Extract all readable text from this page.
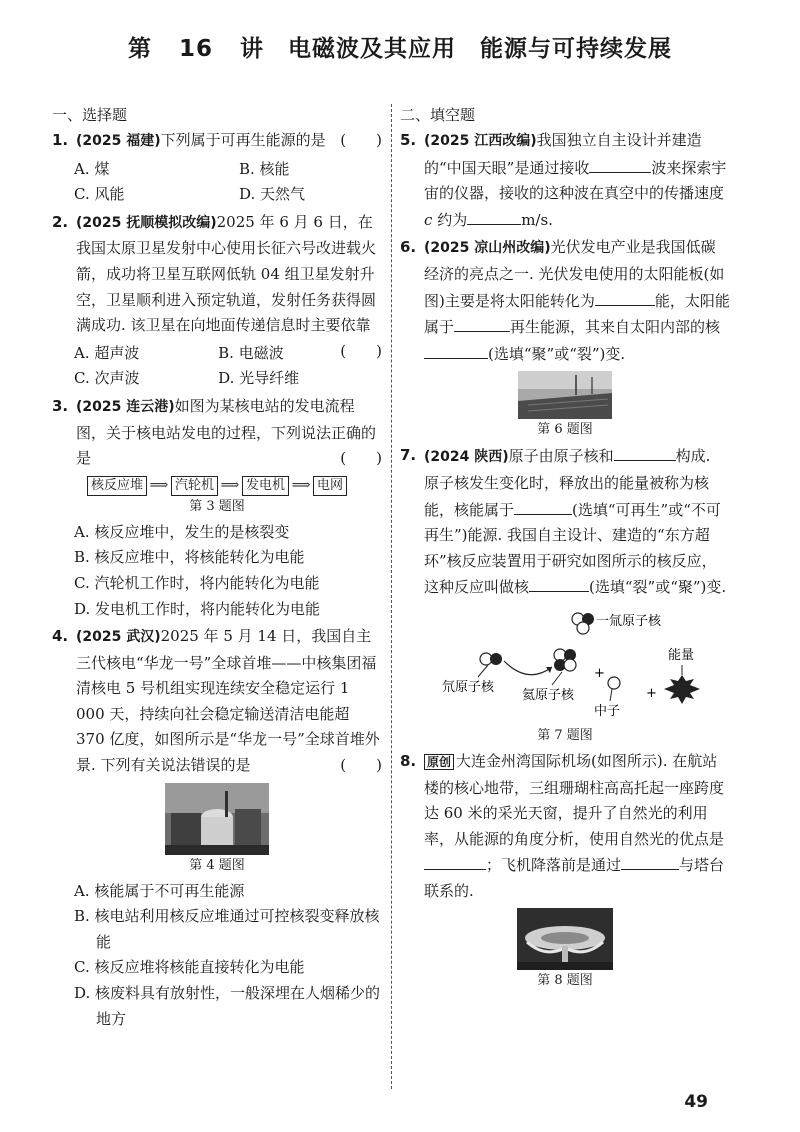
第 16 讲　电磁波及其应用　能源与可持续发展
一、选择题
1.	(　　)
(2025 福建)下列属于可再生能源的是
A. 煤	B. 核能
C. 风能	D. 天然气
2. (2025 抚顺模拟改编)2025 年 6 月 6 日，在我国太原卫星发射中心使用长征六号改进载火箭，成功将卫星互联网低轨 04 组卫星发射升空，卫星顺利进入预定轨道，发射任务获得圆满成功. 该卫星在向地面传递信息时主要依靠
(　　)
A. 超声波	B. 电磁波
C. 次声波	D. 光导纤维
3. (2025 连云港)如图为某核电站的发电流程图，关于核电站发电的过程，下列说法正确的是	(　　)
核反应堆 ⟹ 汽轮机 ⟹ 发电机 ⟹ 电网
第 3 题图
A. 核反应堆中，发生的是核裂变
B. 核反应堆中，将核能转化为电能
C. 汽轮机工作时，将内能转化为电能
D. 发电机工作时，将内能转化为电能
4. (2025 武汉)2025 年 5 月 14 日，我国自主三代核电“华龙一号”全球首堆——中核集团福清核电 5 号机组实现连续安全稳定运行 1 000 天，持续向社会稳定输送清洁电能超 370 亿度，如图所示是“华龙一号”全球首堆外景. 下列有关说法错误的是	(　　)
第 4 题图
A. 核能属于不可再生能源
B. 核电站利用核反应堆通过可控核裂变释放核能
C. 核反应堆将核能直接转化为电能
D. 核废料具有放射性，一般深埋在人烟稀少的地方
二、填空题
5. (2025 江西改编)我国独立自主设计并建造的“中国天眼”是通过接收	波来探索宇宙的仪器，接收的这种波在真空中的传播速度 c 约为	m/s.
6. (2025 凉山州改编)光伏发电产业是我国低碳经济的亮点之一. 光伏发电使用的太阳能板(如图)主要是将太阳能转化为	能，太阳能属于	再生能源，其来自太阳内部的核(选填“聚”或“裂”)变.
第 6 题图
7. (2024 陕西)原子由原子核和	构成. 原子核发生变化时，释放出的能量被称为核能，核能属于	(选填“可再生”或“不可再生”)能源. 我国自主设计、建造的“东方超环”核反应装置用于研究如图所示的核反应，这种反应叫做核	(选填“裂”或“聚”)变.
一氚原子核
氘原子核
氦原子核
+
中子
+
能量
第 7 题图
8. 原创 大连金州湾国际机场(如图所示). 在航站楼的核心地带，三组珊瑚柱高高托起一座跨度达 60 米的采光天窗，提升了自然光的利用率，从能源的角度分析，使用自然光的优点是；飞机降落前是通过	与塔台联系的.
第 8 题图
49
